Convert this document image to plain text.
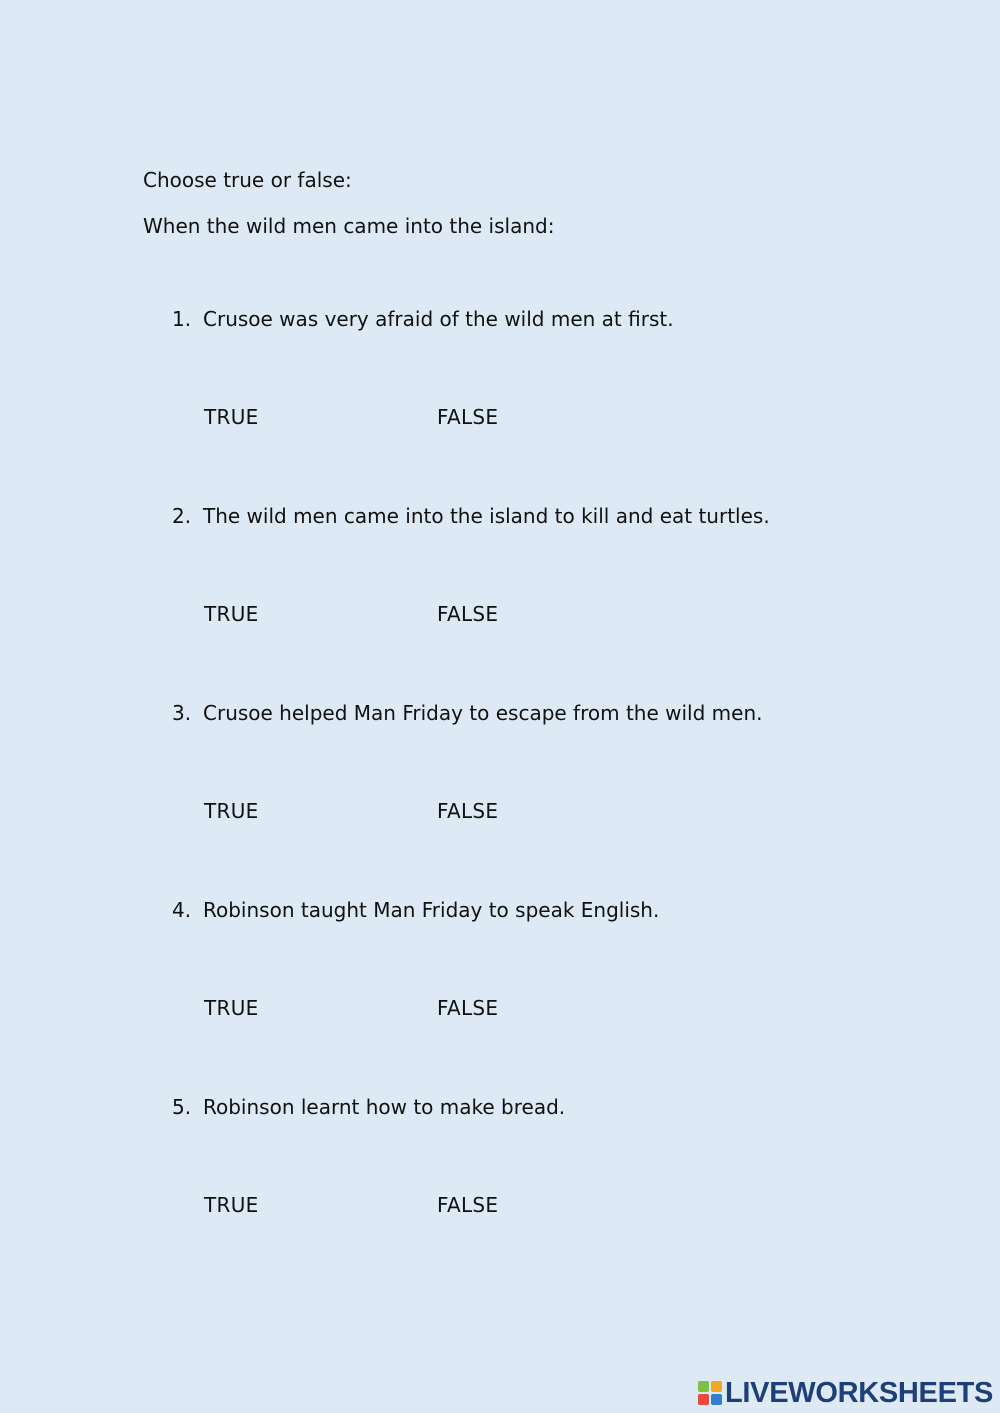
Choose true or false:
When the wild men came into the island:
1. Crusoe was very afraid of the wild men at first.
TRUE	FALSE
2. The wild men came into the island to kill and eat turtles.
TRUE	FALSE
3. Crusoe helped Man Friday to escape from the wild men.
TRUE	FALSE
4. Robinson taught Man Friday to speak English.
TRUE	FALSE
5. Robinson learnt how to make bread.
TRUE	FALSE
LIVEWORKSHEETS
